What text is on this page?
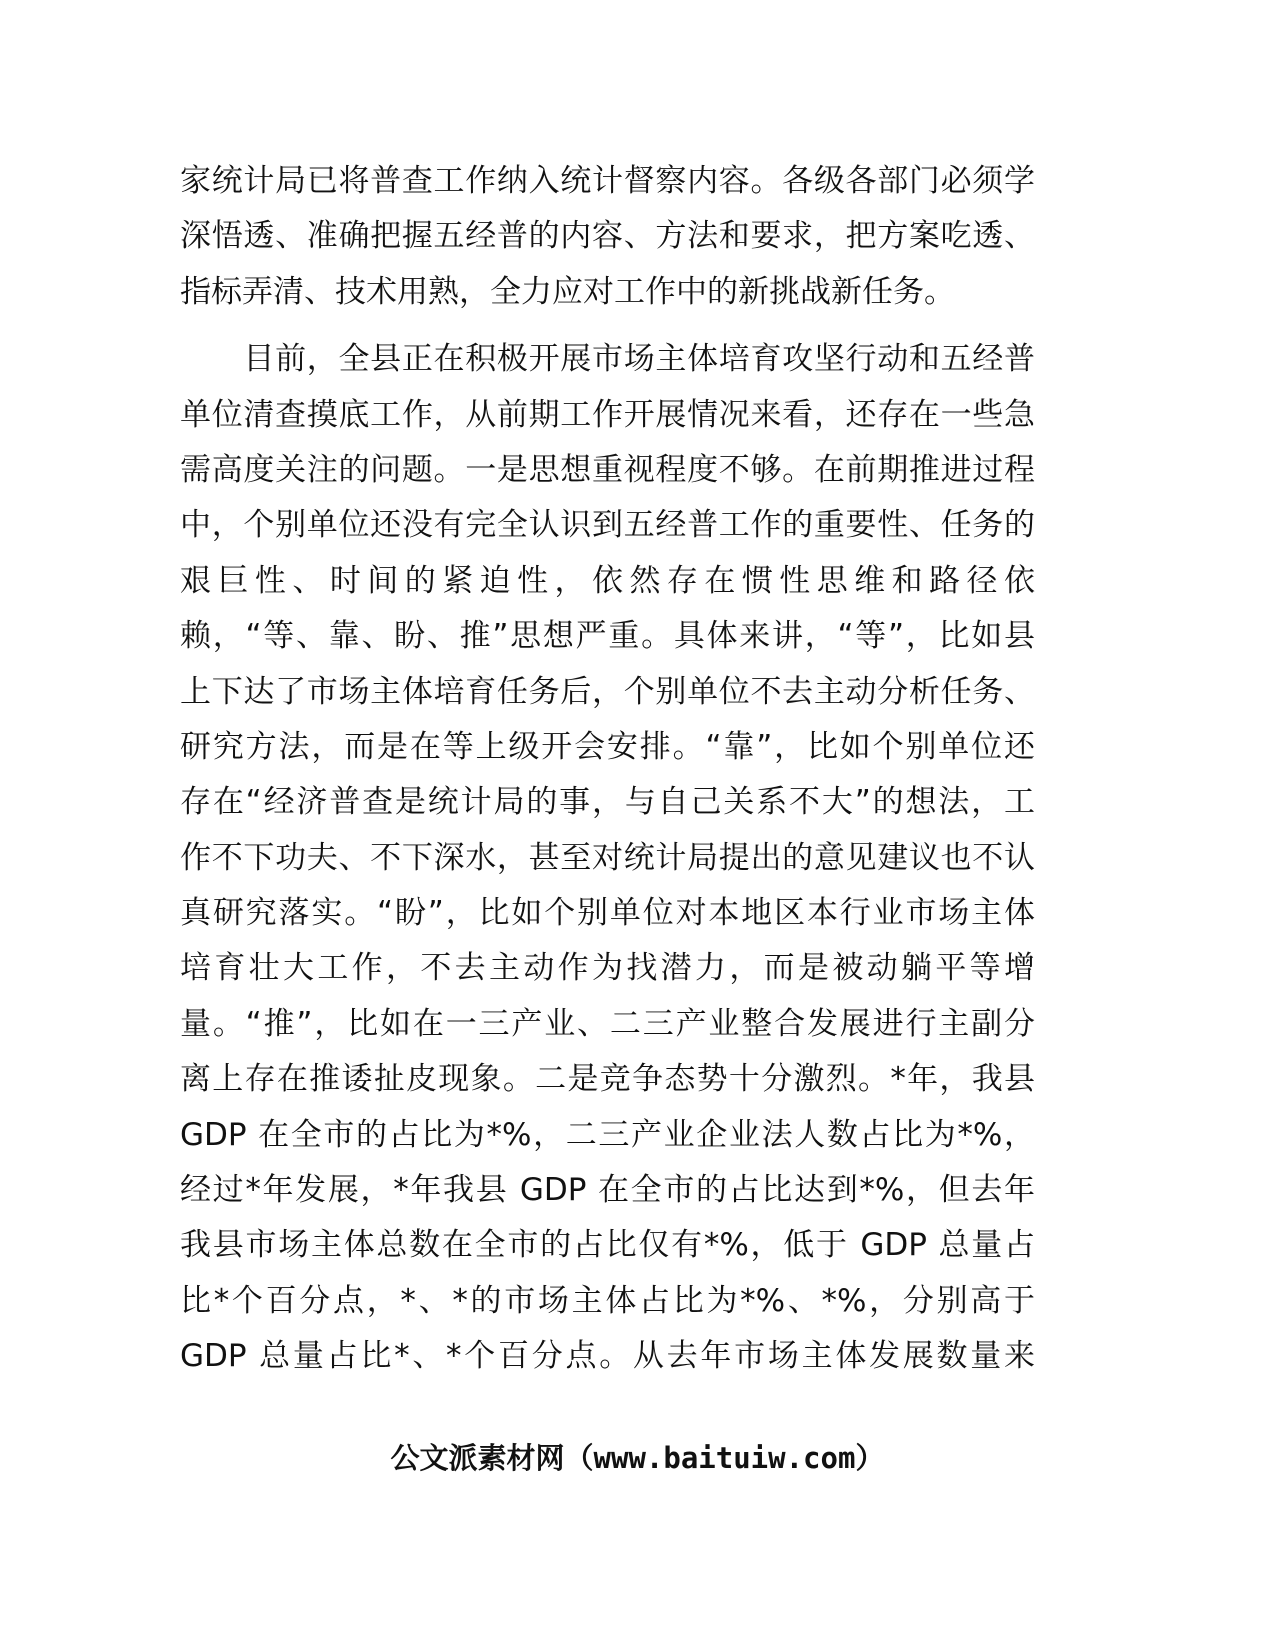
家统计局已将普查工作纳入统计督察内容。各级各部门必须学
深悟透、准确把握五经普的内容、方法和要求，把方案吃透、
指标弄清、技术用熟，全力应对工作中的新挑战新任务。
　　目前，全县正在积极开展市场主体培育攻坚行动和五经普
单位清查摸底工作，从前期工作开展情况来看，还存在一些急
需高度关注的问题。一是思想重视程度不够。在前期推进过程
中，个别单位还没有完全认识到五经普工作的重要性、任务的
艰巨性、时间的紧迫性，依然存在惯性思维和路径依
赖，“等、靠、盼、推”思想严重。具体来讲，“等”，比如县
上下达了市场主体培育任务后，个别单位不去主动分析任务、
研究方法，而是在等上级开会安排。“靠”，比如个别单位还
存在“经济普查是统计局的事，与自己关系不大”的想法，工
作不下功夫、不下深水，甚至对统计局提出的意见建议也不认
真研究落实。“盼”，比如个别单位对本地区本行业市场主体
培育壮大工作，不去主动作为找潜力，而是被动躺平等增
量。“推”，比如在一三产业、二三产业整合发展进行主副分
离上存在推诿扯皮现象。二是竞争态势十分激烈。*年，我县
GDP 在全市的占比为*%，二三产业企业法人数占比为*%，
经过*年发展，*年我县 GDP 在全市的占比达到*%，但去年
我县市场主体总数在全市的占比仅有*%，低于 GDP 总量占
比*个百分点，*、*的市场主体占比为*%、*%，分别高于
GDP 总量占比*、*个百分点。从去年市场主体发展数量来
公文派素材网（www.baituiw.com）
